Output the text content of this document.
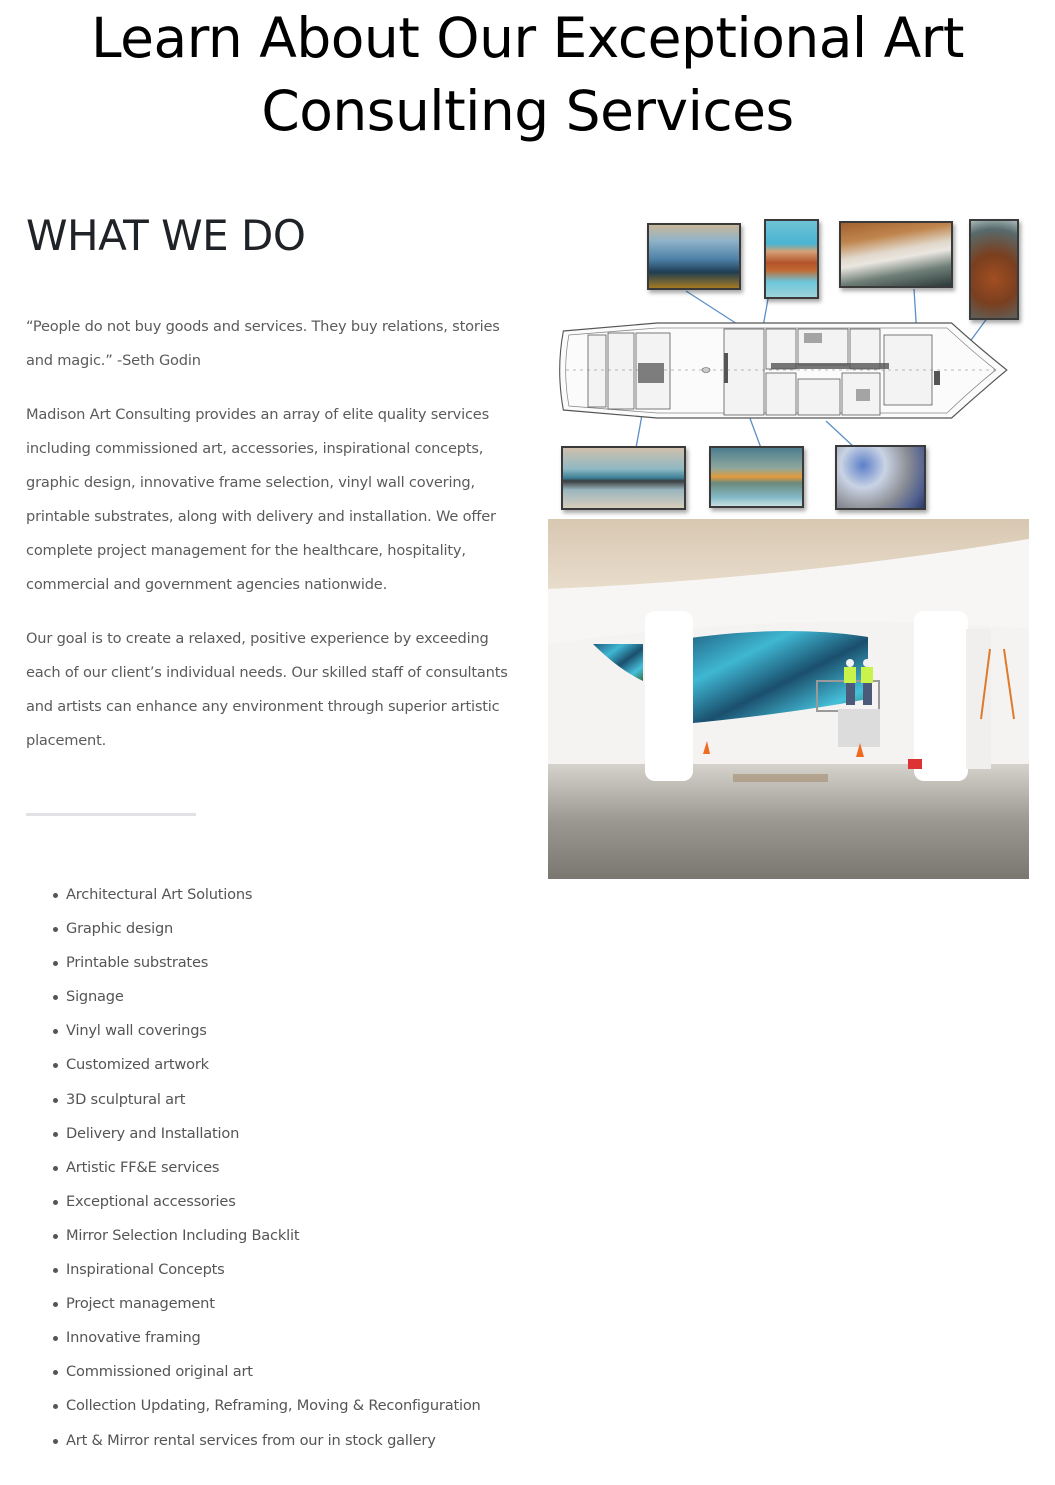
Learn About Our Exceptional Art Consulting Services
WHAT WE DO

“People do not buy goods and services. They buy relations, stories and magic.” -Seth Godin

Madison Art Consulting provides an array of elite quality services including commissioned art, accessories, inspirational concepts, graphic design, innovative frame selection, vinyl wall covering, printable substrates, along with delivery and installation. We offer complete project management for the healthcare, hospitality, commercial and government agencies nationwide.

Our goal is to create a relaxed, positive experience by exceeding each of our client’s individual needs. Our skilled staff of consultants and artists can enhance any environment through superior artistic placement.

Architectural Art Solutions
Graphic design
Printable substrates
Signage
Vinyl wall coverings
Customized artwork
3D sculptural art
Delivery and Installation
Artistic FF&E services
Exceptional accessories
Mirror Selection Including Backlit
Inspirational Concepts
Project management
Innovative framing
Commissioned original art
Collection Updating, Reframing, Moving & Reconfiguration
Art & Mirror rental services from our in stock gallery
